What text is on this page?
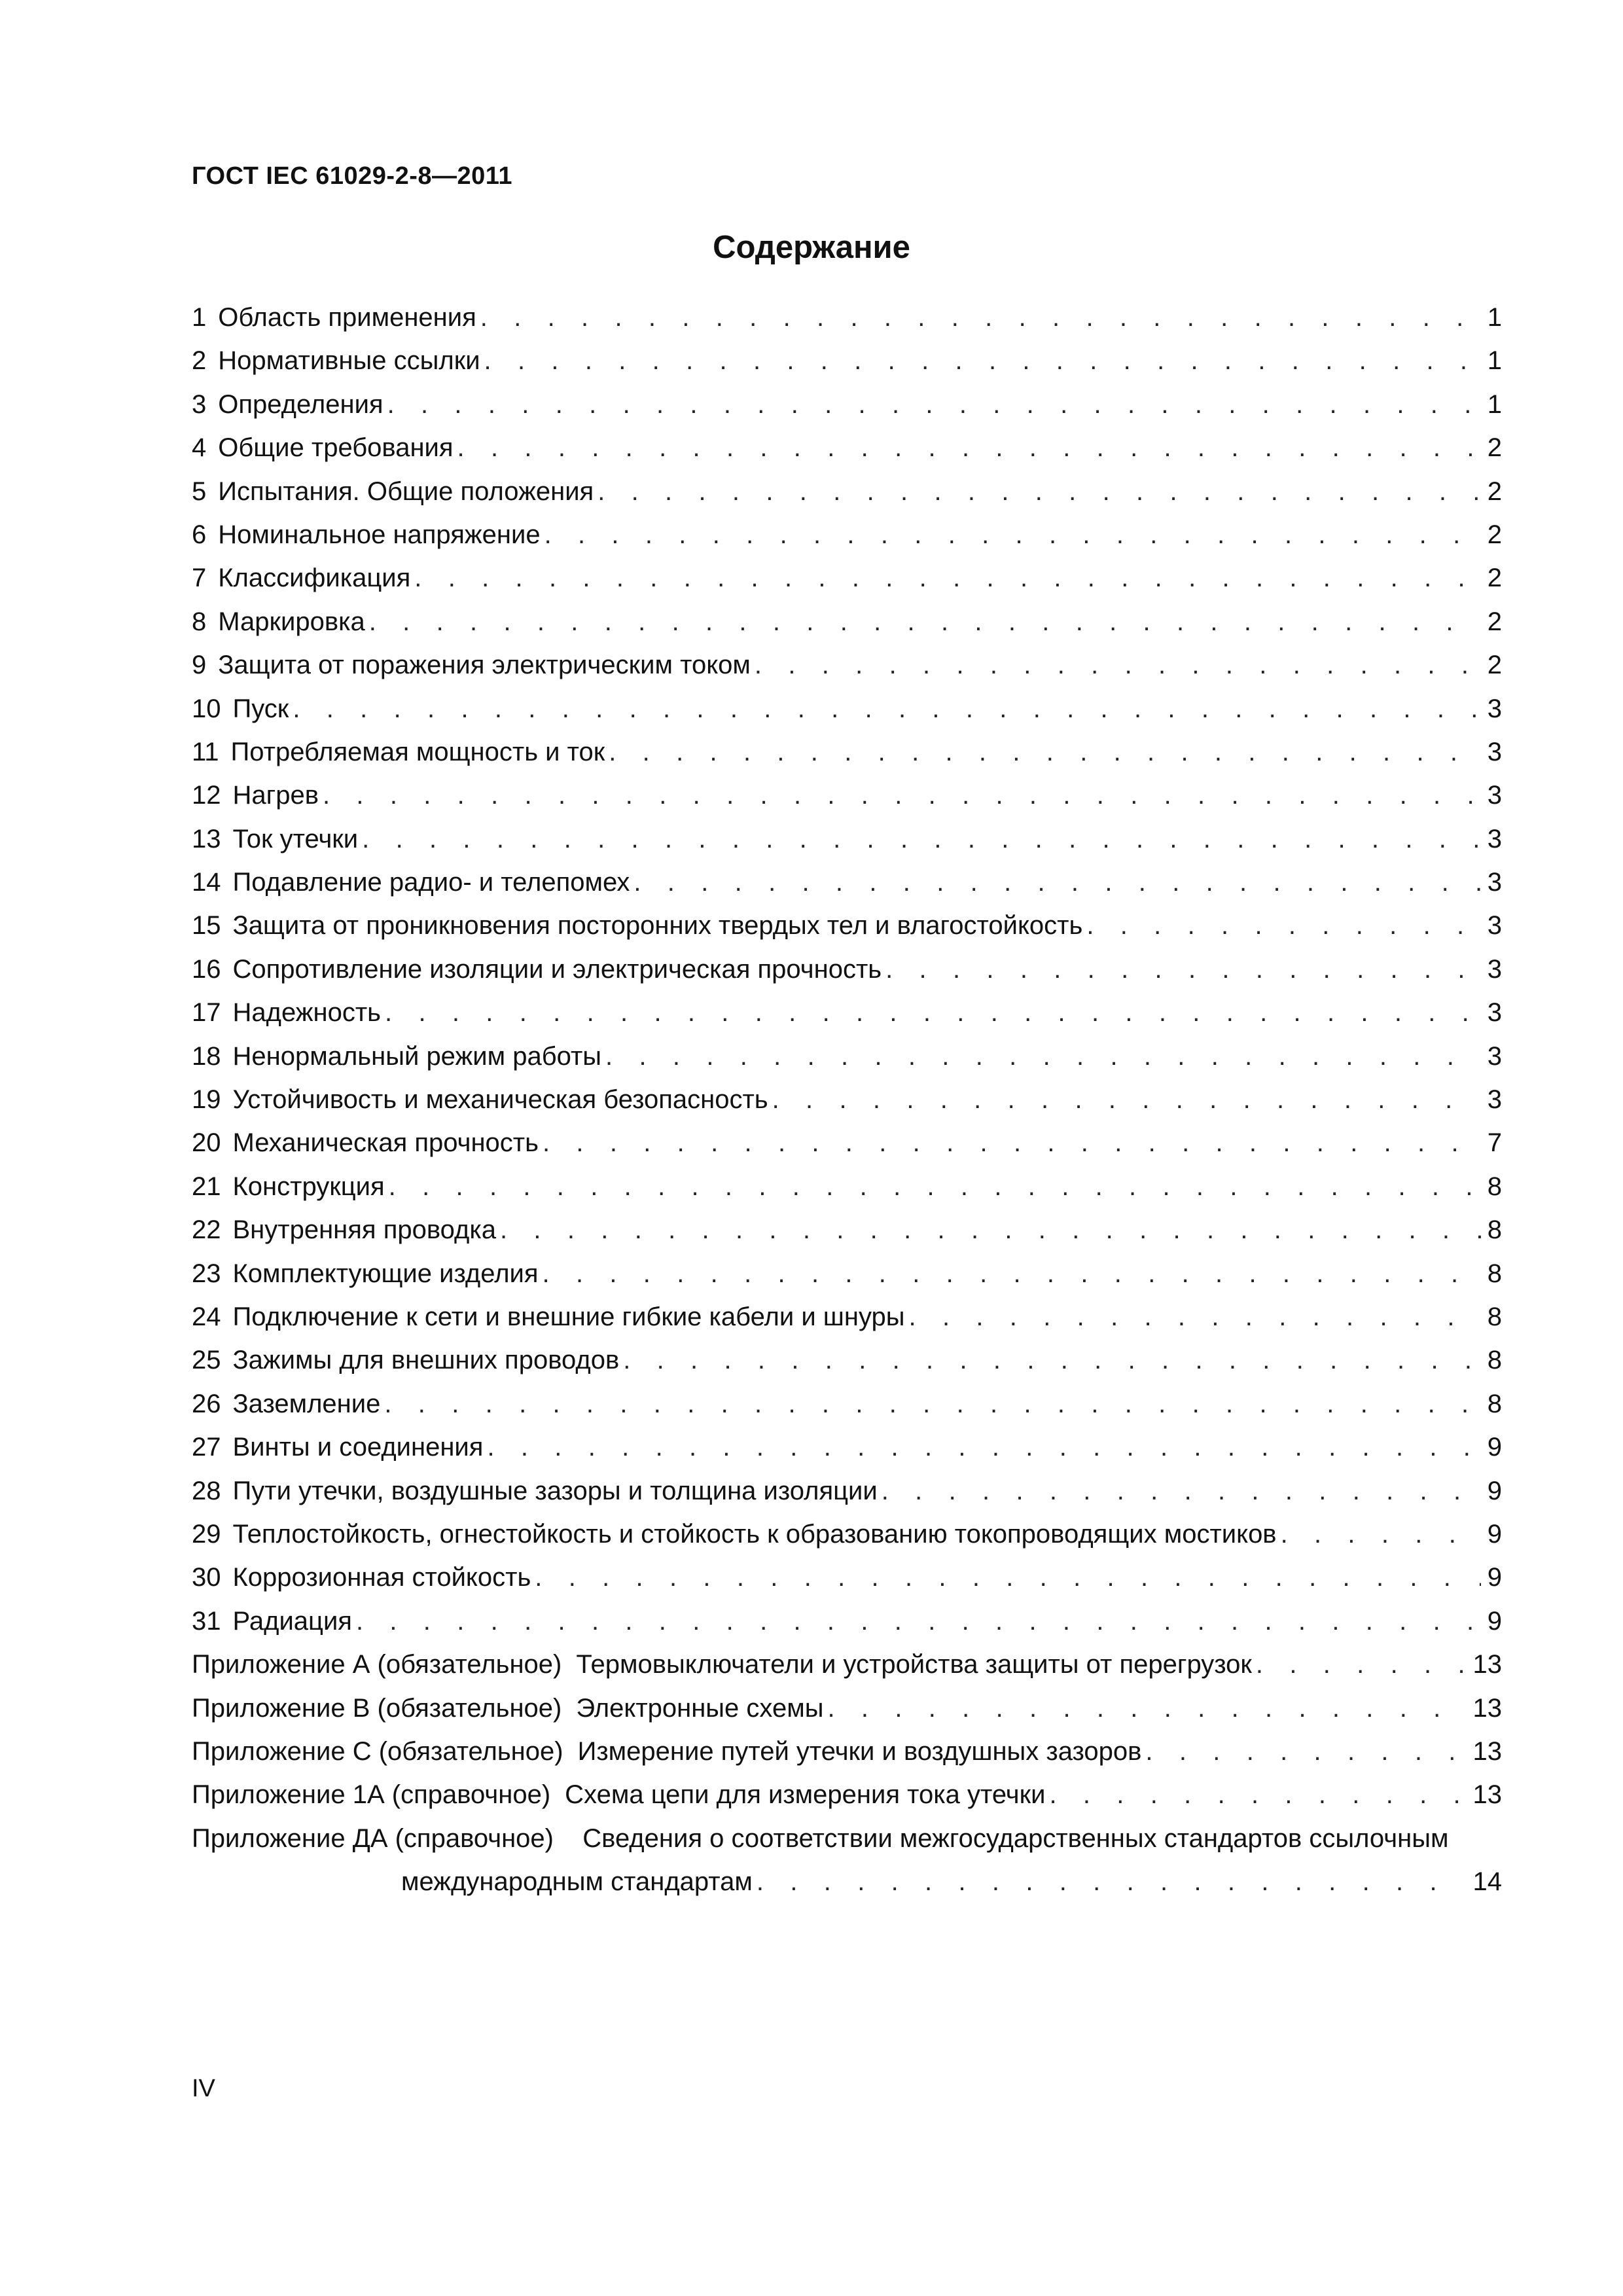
ГОСТ IEC 61029-2-8—2011
Содержание
1 Область применения . . .	1
2 Нормативные ссылки . . .	1
3 Определения . . .	1
4 Общие требования . . .	2
5 Испытания. Общие положения . . .	2
6 Номинальное напряжение . . .	2
7 Классификация . . .	2
8 Маркировка . . .	2
9 Защита от поражения электрическим током . . .	2
10 Пуск . . .	3
11 Потребляемая мощность и ток . . .	3
12 Нагрев . . .	3
13 Ток утечки . . .	3
14 Подавление радио- и телепомех . . .	3
15 Защита от проникновения посторонних твердых тел и влагостойкость . . .	3
16 Сопротивление изоляции и электрическая прочность . . .	3
17 Надежность . . .	3
18 Ненормальный режим работы . . .	3
19 Устойчивость и механическая безопасность . . .	3
20 Механическая прочность . . .	7
21 Конструкция . . .	8
22 Внутренняя проводка . . .	8
23 Комплектующие изделия . . .	8
24 Подключение к сети и внешние гибкие кабели и шнуры . . .	8
25 Зажимы для внешних проводов . . .	8
26 Заземление . . .	8
27 Винты и соединения . . .	9
28 Пути утечки, воздушные зазоры и толщина изоляции . . .	9
29 Теплостойкость, огнестойкость и стойкость к образованию токопроводящих мостиков . . .	9
30 Коррозионная стойкость . . .	9
31 Радиация . . .	9
Приложение А (обязательное) Термовыключатели и устройства защиты от перегрузок . . .	13
Приложение В (обязательное) Электронные схемы . . .	13
Приложение С (обязательное) Измерение путей утечки и воздушных зазоров . . .	13
Приложение 1А (справочное) Схема цепи для измерения тока утечки . . .	13
Приложение ДА (справочное) Сведения о соответствии межгосударственных стандартов ссылочным
международным стандартам . . .	14
IV
